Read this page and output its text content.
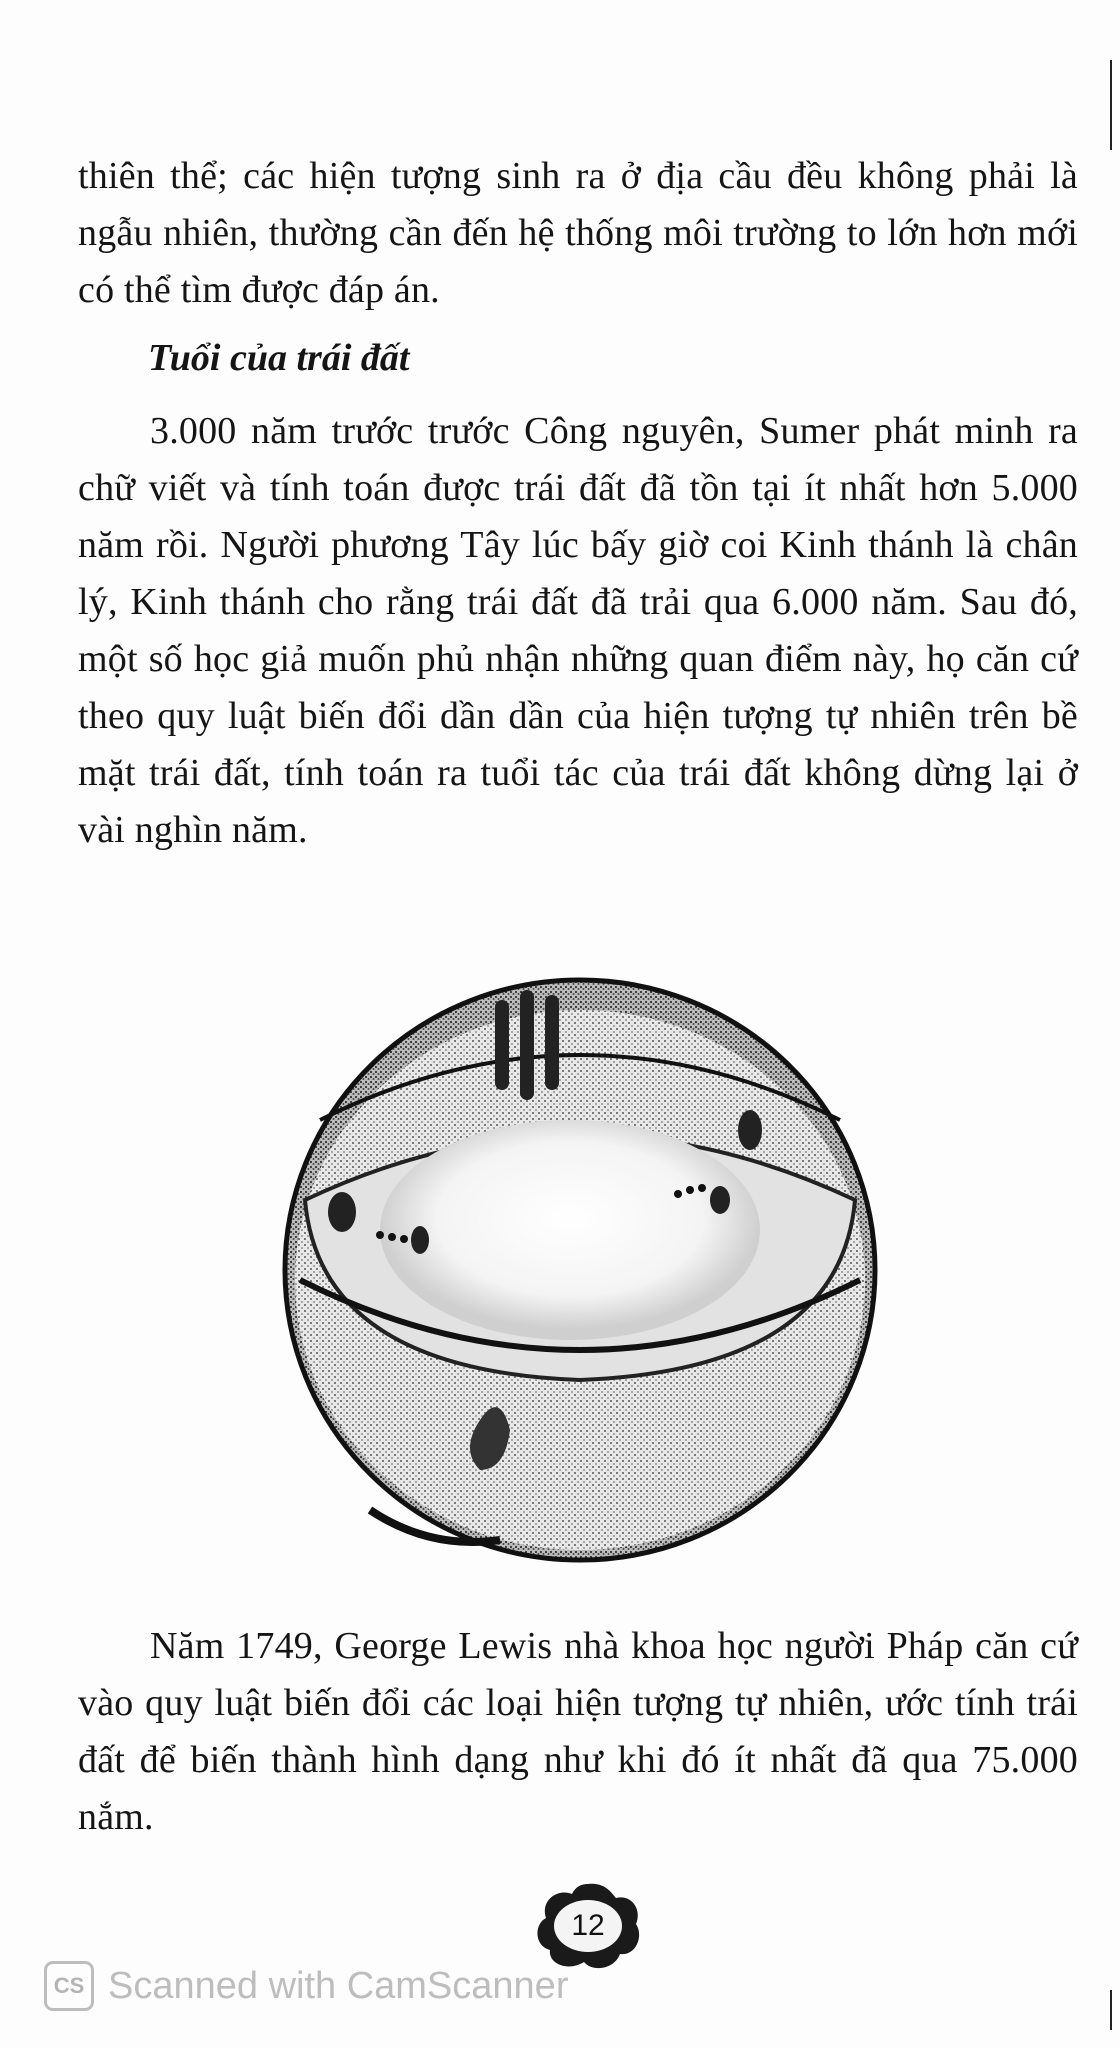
thiên thể; các hiện tượng sinh ra ở địa cầu đều không phải là ngẫu nhiên, thường cần đến hệ thống môi trường to lớn hơn mới có thể tìm được đáp án.

Tuổi của trái đất

3.000 năm trước trước Công nguyên, Sumer phát minh ra chữ viết và tính toán được trái đất đã tồn tại ít nhất hơn 5.000 năm rồi. Người phương Tây lúc bấy giờ coi Kinh thánh là chân lý, Kinh thánh cho rằng trái đất đã trải qua 6.000 năm. Sau đó, một số học giả muốn phủ nhận những quan điểm này, họ căn cứ theo quy luật biến đổi dần dần của hiện tượng tự nhiên trên bề mặt trái đất, tính toán ra tuổi tác của trái đất không dừng lại ở vài nghìn năm.

Năm 1749, George Lewis nhà khoa học người Pháp căn cứ vào quy luật biến đổi các loại hiện tượng tự nhiên, ước tính trái đất để biến thành hình dạng như khi đó ít nhất đã qua 75.000 nắm.

12
CS Scanned with CamScanner
